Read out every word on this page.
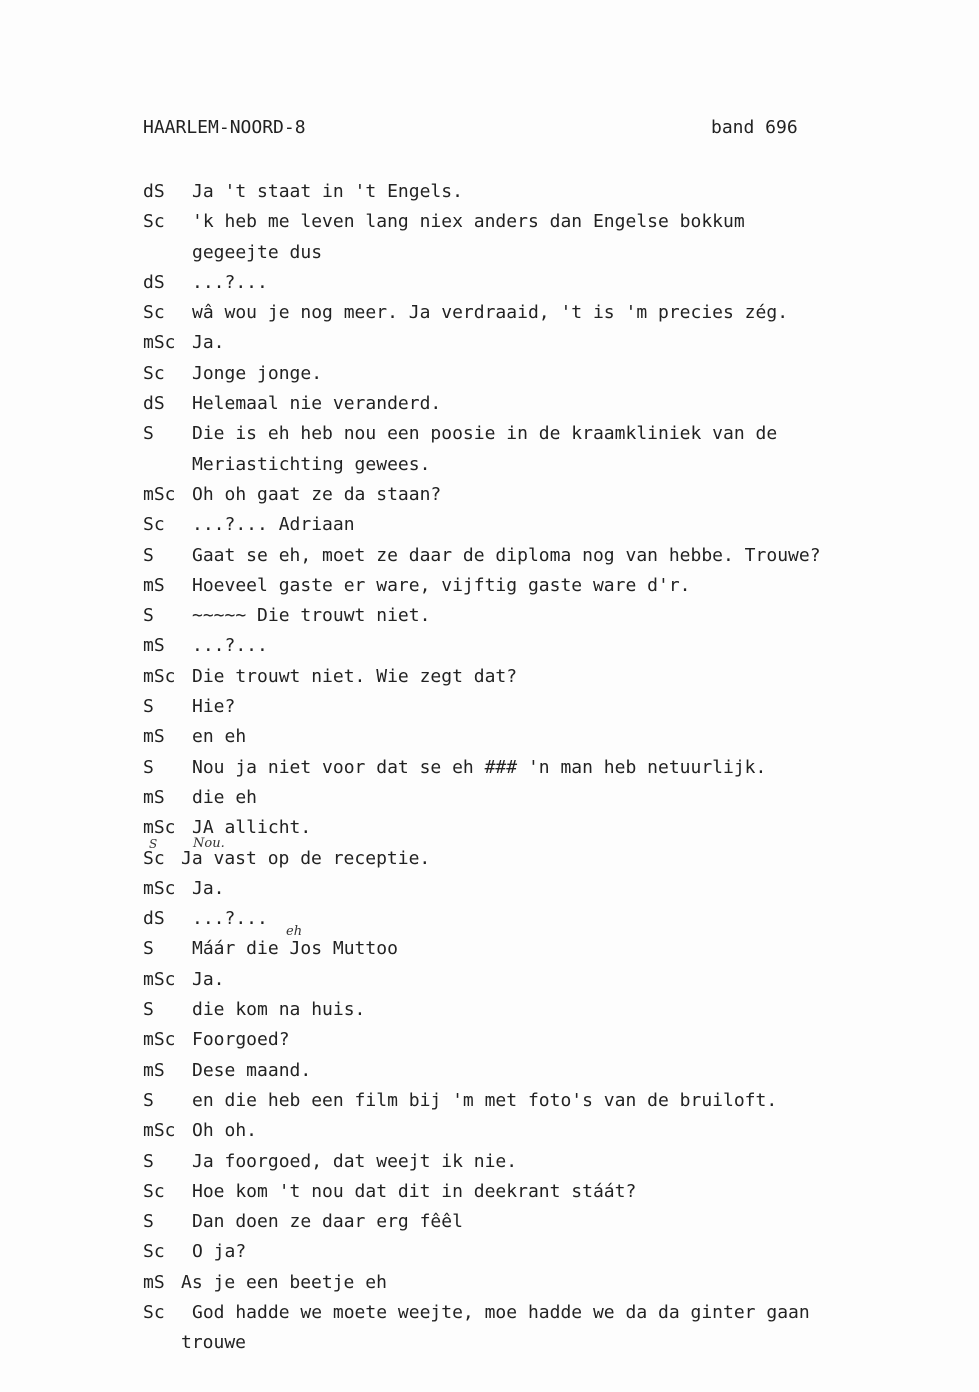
HAARLEM-NOORD-8	band 696
dS Ja 't staat in 't Engels.
Sc 'k heb me leven lang niex anders dan Engelse bokkum
gegeejte dus
dS ...?...
Sc wâ wou je nog meer. Ja verdraaid, 't is 'm precies zég.
mSc Ja.
Sc Jonge jonge.
dS Helemaal nie veranderd.
S Die is eh heb nou een poosie in de kraamkliniek van de
Meriastichting gewees.
mSc Oh oh gaat ze da staan?
Sc ...?... Adriaan
S Gaat se eh, moet ze daar de diploma nog van hebbe. Trouwe?
mS Hoeveel gaste er ware, vijftig gaste ware d'r.
S ~~~~~ Die trouwt niet.
mS ...?...
mSc Die trouwt niet. Wie zegt dat?
S Hie?
mS en eh
S Nou ja niet voor dat se eh ### 'n man heb netuurlijk.
mS die eh
mSc JA allicht.
Sc Ja vast op de receptie.
mSc Ja.
dS ...?...
S Máár die Jos Muttoo
mSc Ja.
S die kom na huis.
mSc Foorgoed?
mS Dese maand.
S en die heb een film bij 'm met foto's van de bruiloft.
mSc Oh oh.
S Ja foorgoed, dat weejt ik nie.
Sc Hoe kom 't nou dat dit in deekrant stáát?
S Dan doen ze daar erg fêêl
Sc O ja?
mS As je een beetje eh
Sc God hadde we moete weejte, moe hadde we da da ginter gaan
trouwe
S	Nou.
eh
